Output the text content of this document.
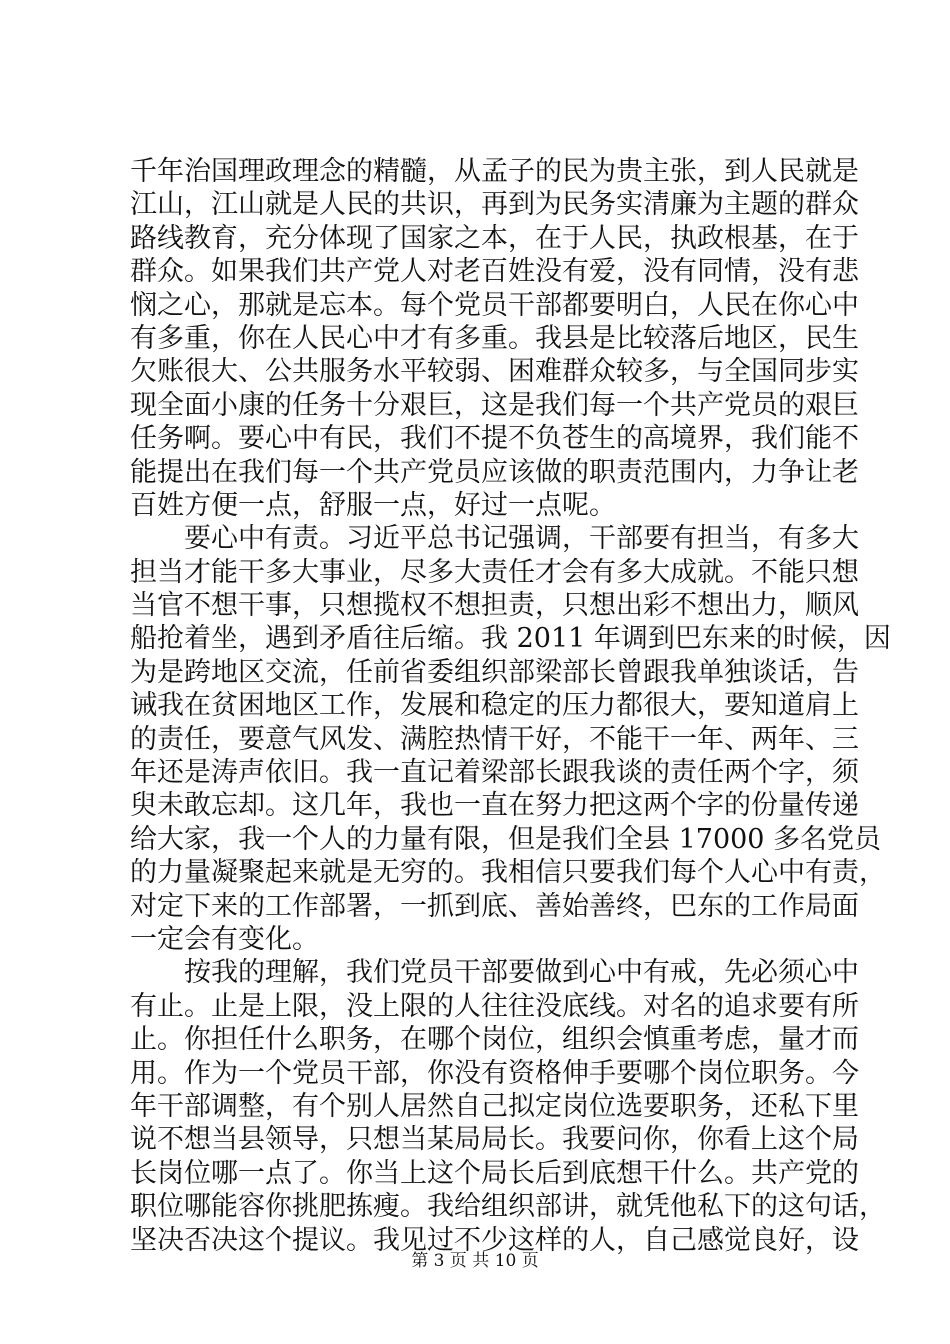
千年治国理政理念的精髓，从孟子的民为贵主张，到人民就是
江山，江山就是人民的共识，再到为民务实清廉为主题的群众
路线教育，充分体现了国家之本，在于人民，执政根基，在于
群众。如果我们共产党人对老百姓没有爱，没有同情，没有悲
悯之心，那就是忘本。每个党员干部都要明白，人民在你心中
有多重，你在人民心中才有多重。我县是比较落后地区，民生
欠账很大、公共服务水平较弱、困难群众较多，与全国同步实
现全面小康的任务十分艰巨，这是我们每一个共产党员的艰巨
任务啊。要心中有民，我们不提不负苍生的高境界，我们能不
能提出在我们每一个共产党员应该做的职责范围内，力争让老
百姓方便一点，舒服一点，好过一点呢。
要心中有责。习近平总书记强调，干部要有担当，有多大
担当才能干多大事业，尽多大责任才会有多大成就。不能只想
当官不想干事，只想揽权不想担责，只想出彩不想出力，顺风
船抢着坐，遇到矛盾往后缩。我 2011 年调到巴东来的时候，因
为是跨地区交流，任前省委组织部梁部长曾跟我单独谈话，告
诫我在贫困地区工作，发展和稳定的压力都很大，要知道肩上
的责任，要意气风发、满腔热情干好，不能干一年、两年、三
年还是涛声依旧。我一直记着梁部长跟我谈的责任两个字，须
臾未敢忘却。这几年，我也一直在努力把这两个字的份量传递
给大家，我一个人的力量有限，但是我们全县 17000 多名党员
的力量凝聚起来就是无穷的。我相信只要我们每个人心中有责，
对定下来的工作部署，一抓到底、善始善终，巴东的工作局面
一定会有变化。
按我的理解，我们党员干部要做到心中有戒，先必须心中
有止。止是上限，没上限的人往往没底线。对名的追求要有所
止。你担任什么职务，在哪个岗位，组织会慎重考虑，量才而
用。作为一个党员干部，你没有资格伸手要哪个岗位职务。今
年干部调整，有个别人居然自己拟定岗位选要职务，还私下里
说不想当县领导，只想当某局局长。我要问你，你看上这个局
长岗位哪一点了。你当上这个局长后到底想干什么。共产党的
职位哪能容你挑肥拣瘦。我给组织部讲，就凭他私下的这句话，
坚决否决这个提议。我见过不少这样的人，自己感觉良好，设
第 3 页 共 10 页
